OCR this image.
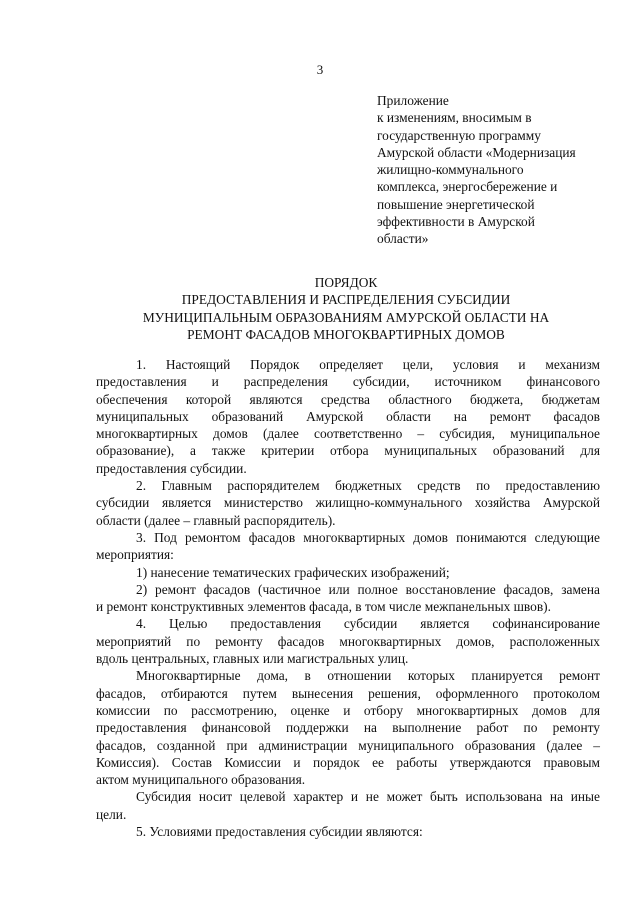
3
Приложение
к изменениям, вносимым в
государственную программу
Амурской области «Модернизация
жилищно-коммунального
комплекса, энергосбережение и
повышение энергетической
эффективности в Амурской
области»
ПОРЯДОК
ПРЕДОСТАВЛЕНИЯ И РАСПРЕДЕЛЕНИЯ СУБСИДИИ
МУНИЦИПАЛЬНЫМ ОБРАЗОВАНИЯМ АМУРСКОЙ ОБЛАСТИ НА
РЕМОНТ ФАСАДОВ МНОГОКВАРТИРНЫХ ДОМОВ
1. Настоящий Порядок определяет цели, условия и механизм
предоставления и распределения субсидии, источником финансового
обеспечения которой являются средства областного бюджета, бюджетам
муниципальных образований Амурской области на ремонт фасадов
многоквартирных домов (далее соответственно – субсидия, муниципальное
образование), а также критерии отбора муниципальных образований для
предоставления субсидии.
2. Главным распорядителем бюджетных средств по предоставлению
субсидии является министерство жилищно-коммунального хозяйства Амурской
области (далее – главный распорядитель).
3. Под ремонтом фасадов многоквартирных домов понимаются следующие
мероприятия:
1) нанесение тематических графических изображений;
2) ремонт фасадов (частичное или полное восстановление фасадов, замена
и ремонт конструктивных элементов фасада, в том числе межпанельных швов).
4. Целью предоставления субсидии является софинансирование
мероприятий по ремонту фасадов многоквартирных домов, расположенных
вдоль центральных, главных или магистральных улиц.
Многоквартирные дома, в отношении которых планируется ремонт
фасадов, отбираются путем вынесения решения, оформленного протоколом
комиссии по рассмотрению, оценке и отбору многоквартирных домов для
предоставления финансовой поддержки на выполнение работ по ремонту
фасадов, созданной при администрации муниципального образования (далее –
Комиссия). Состав Комиссии и порядок ее работы утверждаются правовым
актом муниципального образования.
Субсидия носит целевой характер и не может быть использована на иные
цели.
5. Условиями предоставления субсидии являются:
